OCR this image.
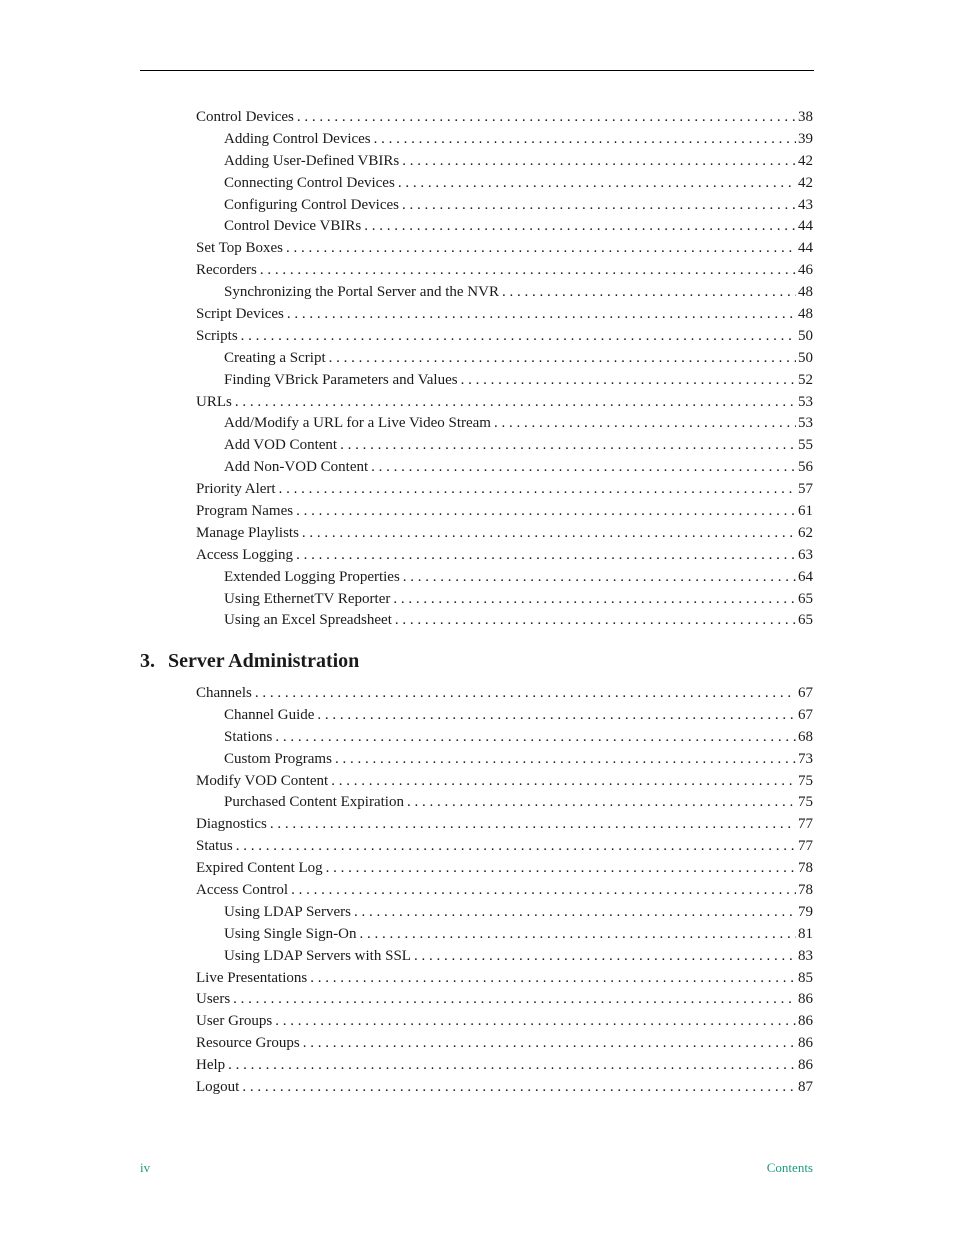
Control Devices . . .	38
Adding Control Devices . . .	39
Adding User-Defined VBIRs . . .	42
Connecting Control Devices . . .	42
Configuring Control Devices . . .	43
Control Device VBIRs . . .	44
Set Top Boxes . . .	44
Recorders . . .	46
Synchronizing the Portal Server and the NVR . . .	48
Script Devices . . .	48
Scripts . . .	50
Creating a Script . . .	50
Finding VBrick Parameters and Values . . .	52
URLs . . .	53
Add/Modify a URL for a Live Video Stream . . .	53
Add VOD Content . . .	55
Add Non-VOD Content . . .	56
Priority Alert . . .	57
Program Names . . .	61
Manage Playlists . . .	62
Access Logging . . .	63
Extended Logging Properties . . .	64
Using EthernetTV Reporter . . .	65
Using an Excel Spreadsheet . . .	65
3. Server Administration
Channels . . .	67
Channel Guide . . .	67
Stations . . .	68
Custom Programs . . .	73
Modify VOD Content . . .	75
Purchased Content Expiration . . .	75
Diagnostics . . .	77
Status . . .	77
Expired Content Log . . .	78
Access Control . . .	78
Using LDAP Servers . . .	79
Using Single Sign-On . . .	81
Using LDAP Servers with SSL . . .	83
Live Presentations . . .	85
Users . . .	86
User Groups . . .	86
Resource Groups . . .	86
Help . . .	86
Logout . . .	87
iv	Contents
